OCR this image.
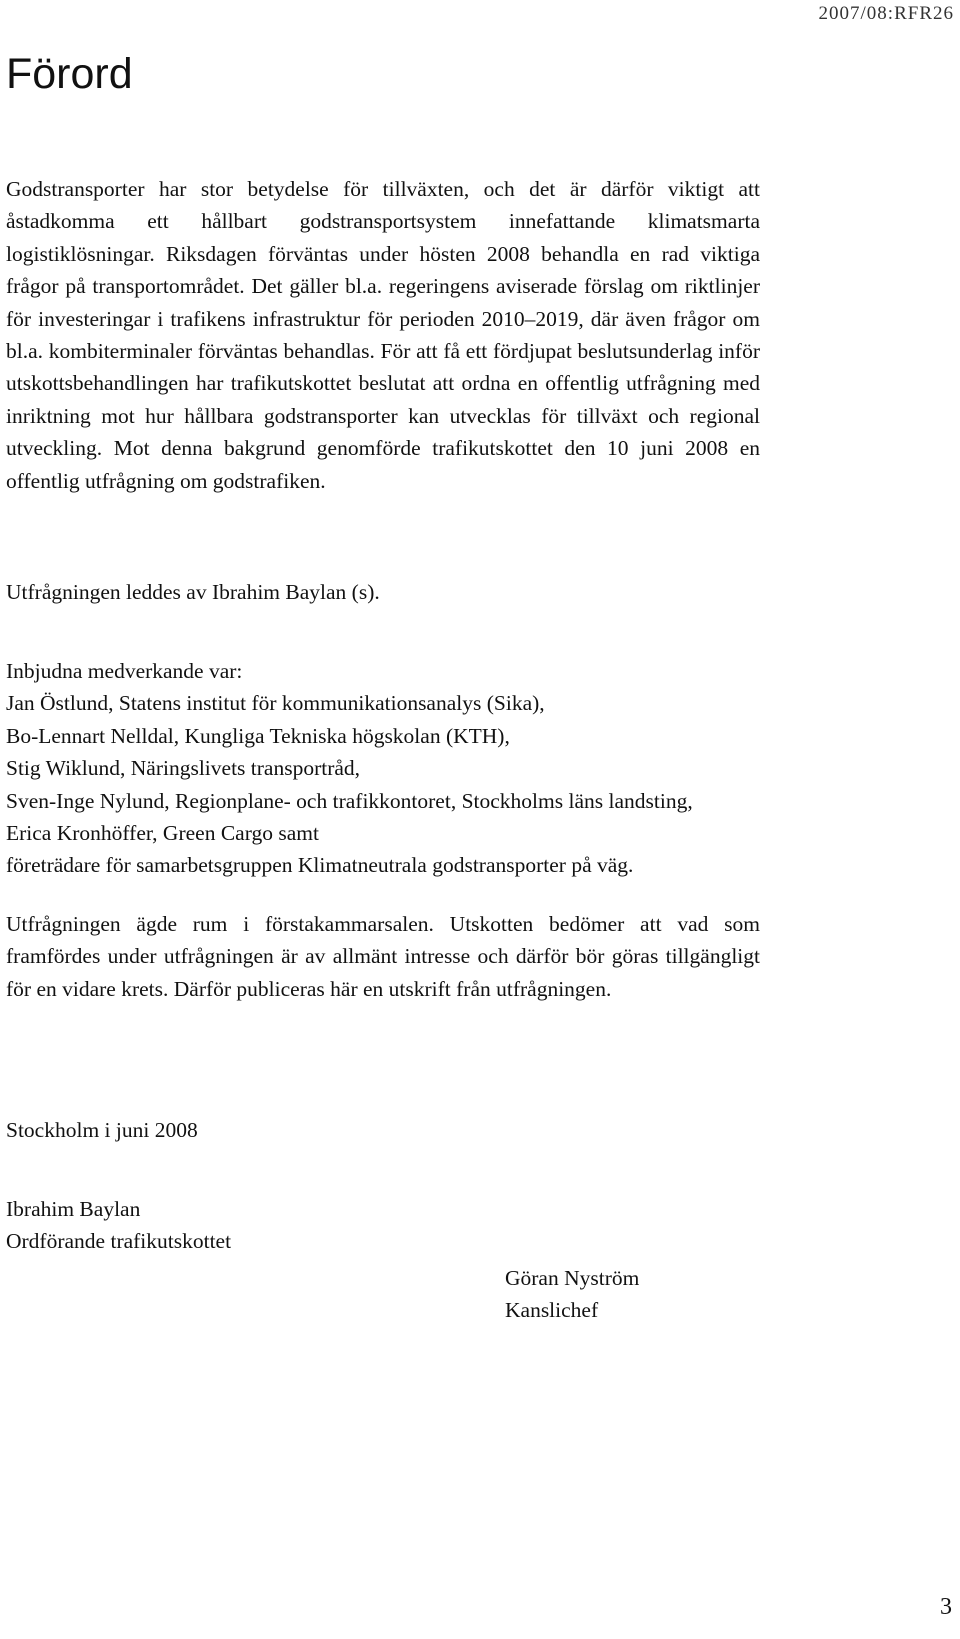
2007/08:RFR26
Förord

Godstransporter har stor betydelse för tillväxten, och det är därför viktigt att åstadkomma ett hållbart godstransportsystem innefattande klimatsmarta logistiklösningar. Riksdagen förväntas under hösten 2008 behandla en rad viktiga frågor på transportområdet. Det gäller bl.a. regeringens aviserade förslag om riktlinjer för investeringar i trafikens infrastruktur för perioden 2010–2019, där även frågor om bl.a. kombiterminaler förväntas behandlas. För att få ett fördjupat beslutsunderlag inför utskottsbehandlingen har trafikutskottet beslutat att ordna en offentlig utfrågning med inriktning mot hur hållbara godstransporter kan utvecklas för tillväxt och regional utveckling. Mot denna bakgrund genomförde trafikutskottet den 10 juni 2008 en offentlig utfrågning om godstrafiken.

Utfrågningen leddes av Ibrahim Baylan (s).

Inbjudna medverkande var:
Jan Östlund, Statens institut för kommunikationsanalys (Sika),
Bo-Lennart Nelldal, Kungliga Tekniska högskolan (KTH),
Stig Wiklund, Näringslivets transportråd,
Sven-Inge Nylund, Regionplane- och trafikkontoret, Stockholms läns landsting,
Erica Kronhöffer, Green Cargo samt
företrädare för samarbetsgruppen Klimatneutrala godstransporter på väg.

Utfrågningen ägde rum i förstakammarsalen. Utskotten bedömer att vad som framfördes under utfrågningen är av allmänt intresse och därför bör göras tillgängligt för en vidare krets. Därför publiceras här en utskrift från utfrågningen.

Stockholm i juni 2008

Ibrahim Baylan
Ordförande trafikutskottet
Göran Nyström
Kanslichef
3
